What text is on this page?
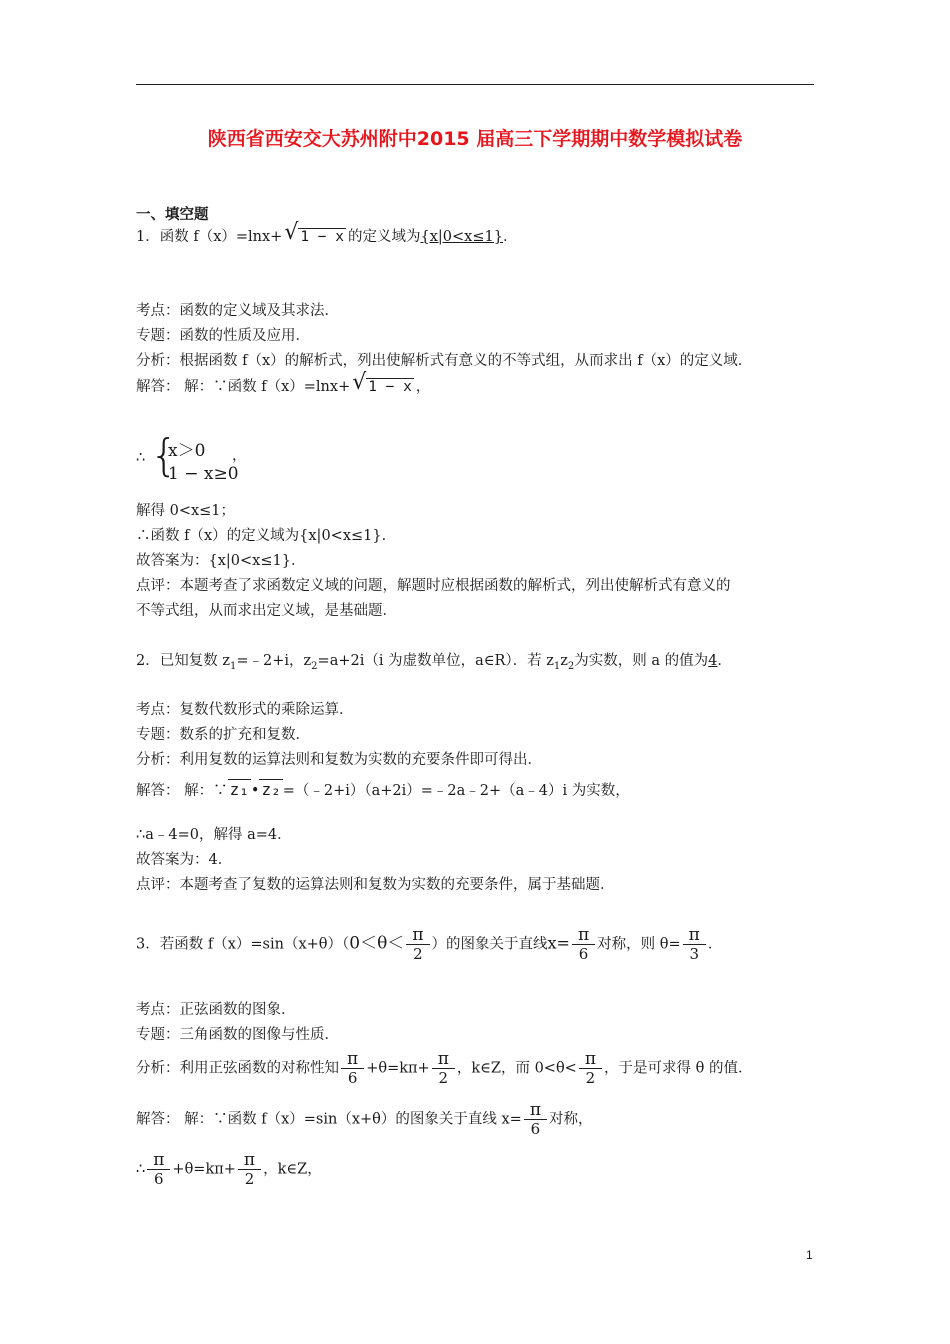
陕西省西安交大苏州附中2015 届高三下学期期中数学模拟试卷
一、填空题
1．函数 f（x）=lnx+ √ 1 − x 的定义域为{x|0<x≤1}．
考点：函数的定义域及其求法．
专题：函数的性质及应用．
分析：根据函数 f（x）的解析式，列出使解析式有意义的不等式组，从而求出 f（x）的定义域．
解答： 解：∵函数 f（x）=lnx+ √ 1 − x ，
∴ {
x＞0
1 − x≥0
，
解得 0<x≤1；
∴函数 f（x）的定义域为{x|0<x≤1}．
故答案为：{x|0<x≤1}．
点评：本题考查了求函数定义域的问题，解题时应根据函数的解析式，列出使解析式有意义的
不等式组，从而求出定义域，是基础题．
2．已知复数 $z_1=﹣2+i$，$z_2=a+2i(i$ 为虚数单位，a∈R）．若 $z_1z_2$为实数，则 a 的值为4．
考点：复数代数形式的乘除运算．
专题：数系的扩充和复数．
分析：利用复数的运算法则和复数为实数的充要条件即可得出．
解答： 解：∵ z₁ • z₂ =（﹣2+i）（a+2i）=﹣2a﹣2+（a﹣4）i 为实数，
∴a﹣4=0，解得 a=4．
故答案为：4．
点评：本题考查了复数的运算法则和复数为实数的充要条件，属于基础题．
3．若函数 $f(x)=\sin(x+\theta)(0<\theta< \frac{\pi}{2}$ ）的图象关于直线$x= \frac{\pi}{6}$ 对称，则 $\theta= \frac{\pi}{3}$ ．
考点：正弦函数的图象．
专题：三角函数的图像与性质．
分析：利用正弦函数的对称性知 $\frac{\pi}{6} +\theta=k\pi+ \frac{\pi}{2}$ ，k∈Z，而 $0<\theta< \frac{\pi}{2}$ ，于是可求得 θ 的值．
解答： 解：∵函数 f（x）=sin（x+θ）的图象关于直线 $x= \frac{\pi}{6}$ 对称，
∴ $\frac{\pi}{6} +\theta=k\pi+ \frac{\pi}{2}$ ，k∈Z，
1
